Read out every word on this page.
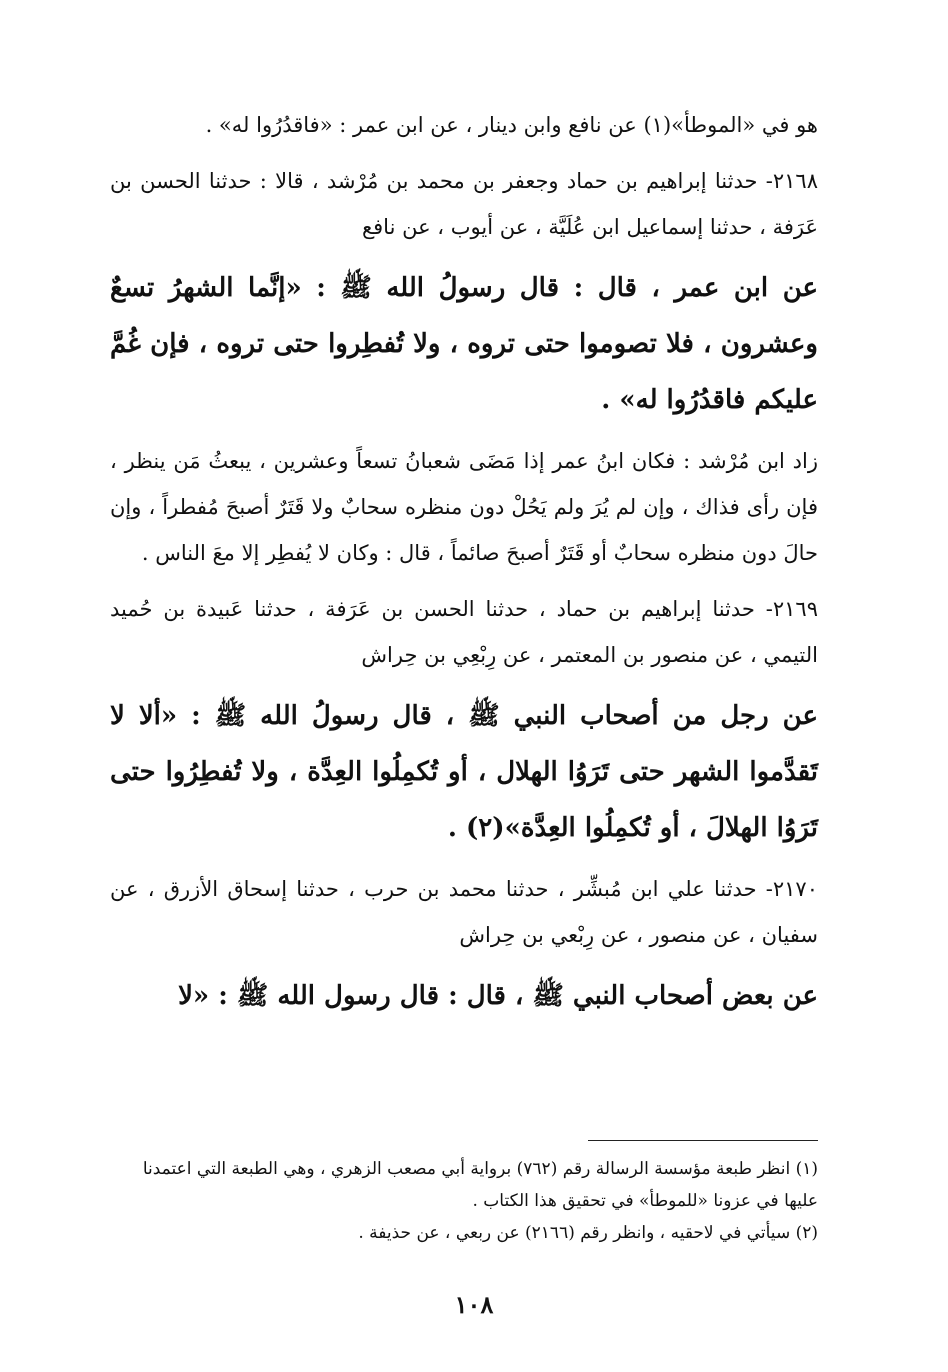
هو في «الموطأ»(١) عن نافع وابن دينار ، عن ابن عمر : «فاقدُرُوا له» .

٢١٦٨- حدثنا إبراهيم بن حماد وجعفر بن محمد بن مُرْشد ، قالا : حدثنا الحسن بن عَرَفة ، حدثنا إسماعيل ابن عُلَيَّة ، عن أيوب ، عن نافع

عن ابن عمر ، قال : قال رسولُ الله ﷺ : «إنَّما الشهرُ تسعٌ وعشرون ، فلا تصوموا حتى تروه ، ولا تُفطِروا حتى تروه ، فإن غُمَّ عليكم فاقدُرُوا له» .

زاد ابن مُرْشد : فكان ابنُ عمر إذا مَضَى شعبانُ تسعاً وعشرين ، يبعثُ مَن ينظر ، فإن رأى فذاك ، وإن لم يُرَ ولم يَحُلْ دون منظره سحابٌ ولا قَتَرٌ أصبحَ مُفطراً ، وإن حالَ دون منظره سحابٌ أو قَتَرٌ أصبحَ صائماً ، قال : وكان لا يُفطِر إلا معَ الناس .

٢١٦٩- حدثنا إبراهيم بن حماد ، حدثنا الحسن بن عَرَفة ، حدثنا عَبيدة بن حُميد التيمي ، عن منصور بن المعتمر ، عن رِبْعِي بن حِراش

عن رجل من أصحاب النبي ﷺ ، قال رسولُ الله ﷺ : «ألا لا تَقدَّموا الشهر حتى تَرَوُا الهلال ، أو تُكمِلُوا العِدَّة ، ولا تُفطِرُوا حتى تَرَوُا الهلالَ ، أو تُكمِلُوا العِدَّة»(٢) .

٢١٧٠- حدثنا علي ابن مُبشِّر ، حدثنا محمد بن حرب ، حدثنا إسحاق الأزرق ، عن سفيان ، عن منصور ، عن رِبْعي بن حِراش

عن بعض أصحاب النبي ﷺ ، قال : قال رسول الله ﷺ : «لا

(١) انظر طبعة مؤسسة الرسالة رقم (٧٦٢) برواية أبي مصعب الزهري ، وهي الطبعة التي اعتمدنا عليها في عزونا «للموطأ» في تحقيق هذا الكتاب .

(٢) سيأتي في لاحقيه ، وانظر رقم (٢١٦٦) عن ربعي ، عن حذيفة .

١٠٨
